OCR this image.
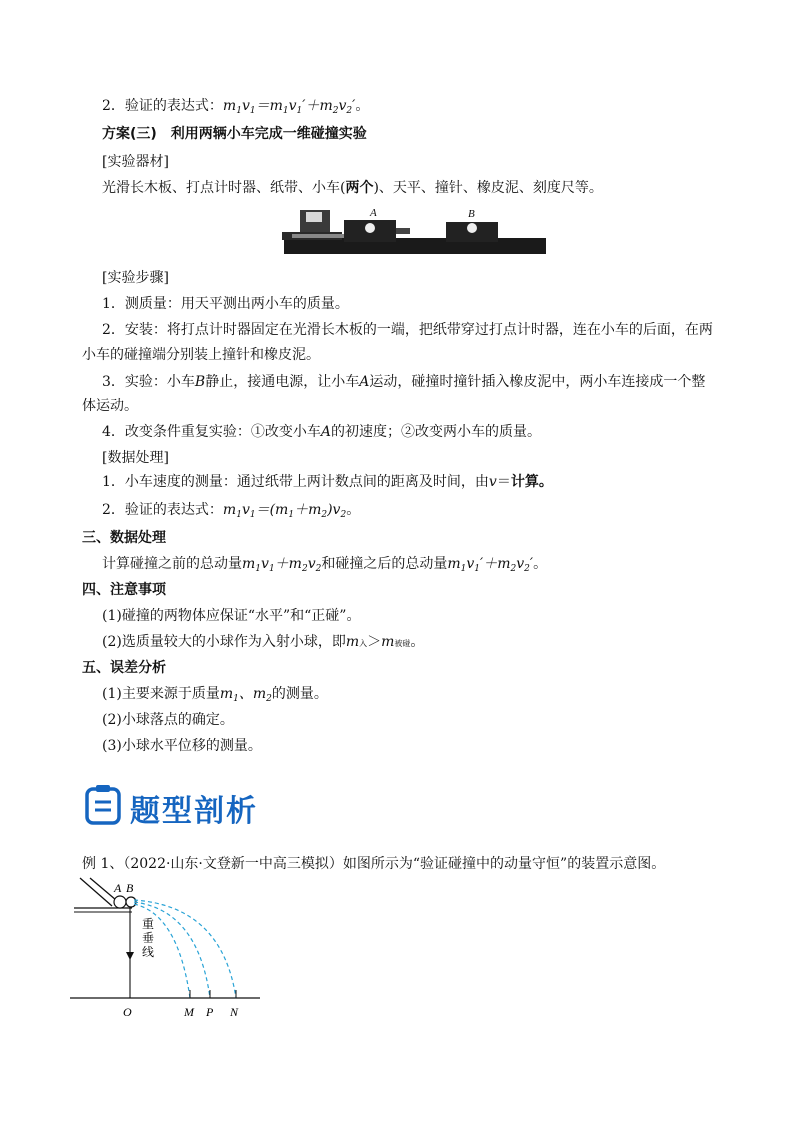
2．验证的表达式：$m_1v_1=m_1v_1'+m_2v_2'$。
方案(三)　利用两辆小车完成一维碰撞实验
[实验器材]
光滑长木板、打点计时器、纸带、小车(两个)、天平、撞针、橡皮泥、刻度尺等。
A	B
[实验步骤]
1．测质量：用天平测出两小车的质量。
2．安装：将打点计时器固定在光滑长木板的一端，把纸带穿过打点计时器，连在小车的后面，在两
小车的碰撞端分别装上撞针和橡皮泥。
3．实验：小车B静止，接通电源，让小车A运动，碰撞时撞针插入橡皮泥中，两小车连接成一个整
体运动。
4．改变条件重复实验：①改变小车A的初速度；②改变两小车的质量。
[数据处理]
1．小车速度的测量：通过纸带上两计数点间的距离及时间，由v＝计算。
2．验证的表达式：$m_1v_1=(m_1+m_2)v_2$。
三、数据处理
计算碰撞之前的总动量$m_1v_1+m_2v_2$和碰撞之后的总动量$m_1v_1'+m_2v_2'$。
四、注意事项
(1)碰撞的两物体应保证“水平”和“正碰”。
(2)选质量较大的小球作为入射小球，即m入＞m被碰。
五、误差分析
(1)主要来源于质量$m_1$、$m_2$的测量。
(2)小球落点的确定。
(3)小球水平位移的测量。
题型剖析
例 1、（2022·山东·文登新一中高三模拟）如图所示为“验证碰撞中的动量守恒”的装置示意图。
A B
重
垂
线
O	M P N
